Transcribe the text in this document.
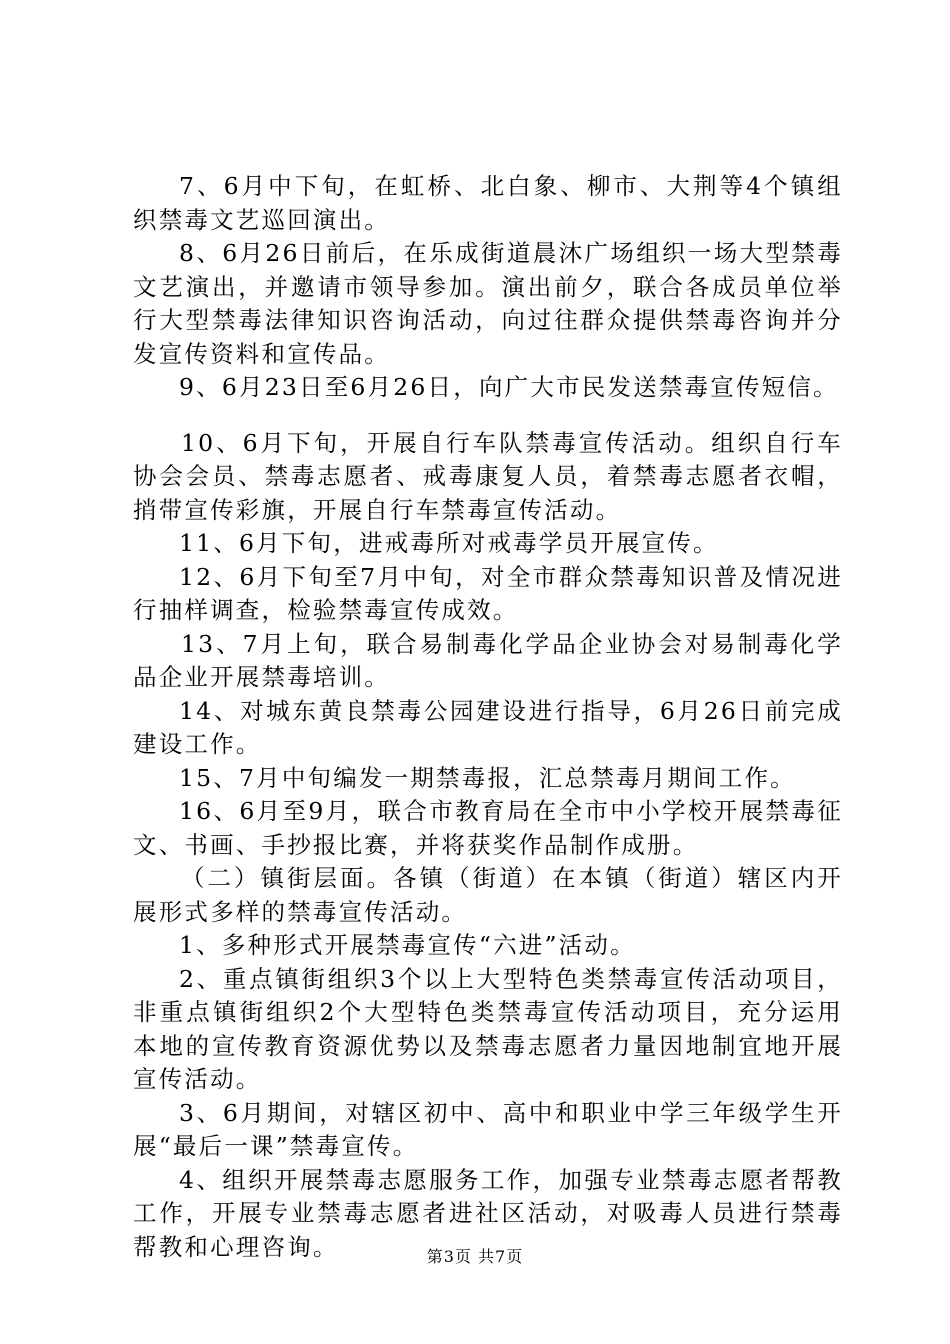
7、6月中下旬，在虹桥、北白象、柳市、大荆等4个镇组织禁毒文艺巡回演出。

8、6月26日前后，在乐成街道晨沐广场组织一场大型禁毒文艺演出，并邀请市领导参加。演出前夕，联合各成员单位举行大型禁毒法律知识咨询活动，向过往群众提供禁毒咨询并分发宣传资料和宣传品。

9、6月23日至6月26日，向广大市民发送禁毒宣传短信。

10、6月下旬，开展自行车队禁毒宣传活动。组织自行车协会会员、禁毒志愿者、戒毒康复人员，着禁毒志愿者衣帽，捎带宣传彩旗，开展自行车禁毒宣传活动。

11、6月下旬，进戒毒所对戒毒学员开展宣传。

12、6月下旬至7月中旬，对全市群众禁毒知识普及情况进行抽样调查，检验禁毒宣传成效。

13、7月上旬，联合易制毒化学品企业协会对易制毒化学品企业开展禁毒培训。

14、对城东黄良禁毒公园建设进行指导，6月26日前完成建设工作。

15、7月中旬编发一期禁毒报，汇总禁毒月期间工作。

16、6月至9月，联合市教育局在全市中小学校开展禁毒征文、书画、手抄报比赛，并将获奖作品制作成册。

（二）镇街层面。各镇（街道）在本镇（街道）辖区内开展形式多样的禁毒宣传活动。

1、多种形式开展禁毒宣传“六进”活动。

2、重点镇街组织3个以上大型特色类禁毒宣传活动项目，非重点镇街组织2个大型特色类禁毒宣传活动项目，充分运用本地的宣传教育资源优势以及禁毒志愿者力量因地制宜地开展宣传活动。

3、6月期间，对辖区初中、高中和职业中学三年级学生开展“最后一课”禁毒宣传。

4、组织开展禁毒志愿服务工作，加强专业禁毒志愿者帮教工作，开展专业禁毒志愿者进社区活动，对吸毒人员进行禁毒帮教和心理咨询。	第3页 共7页
